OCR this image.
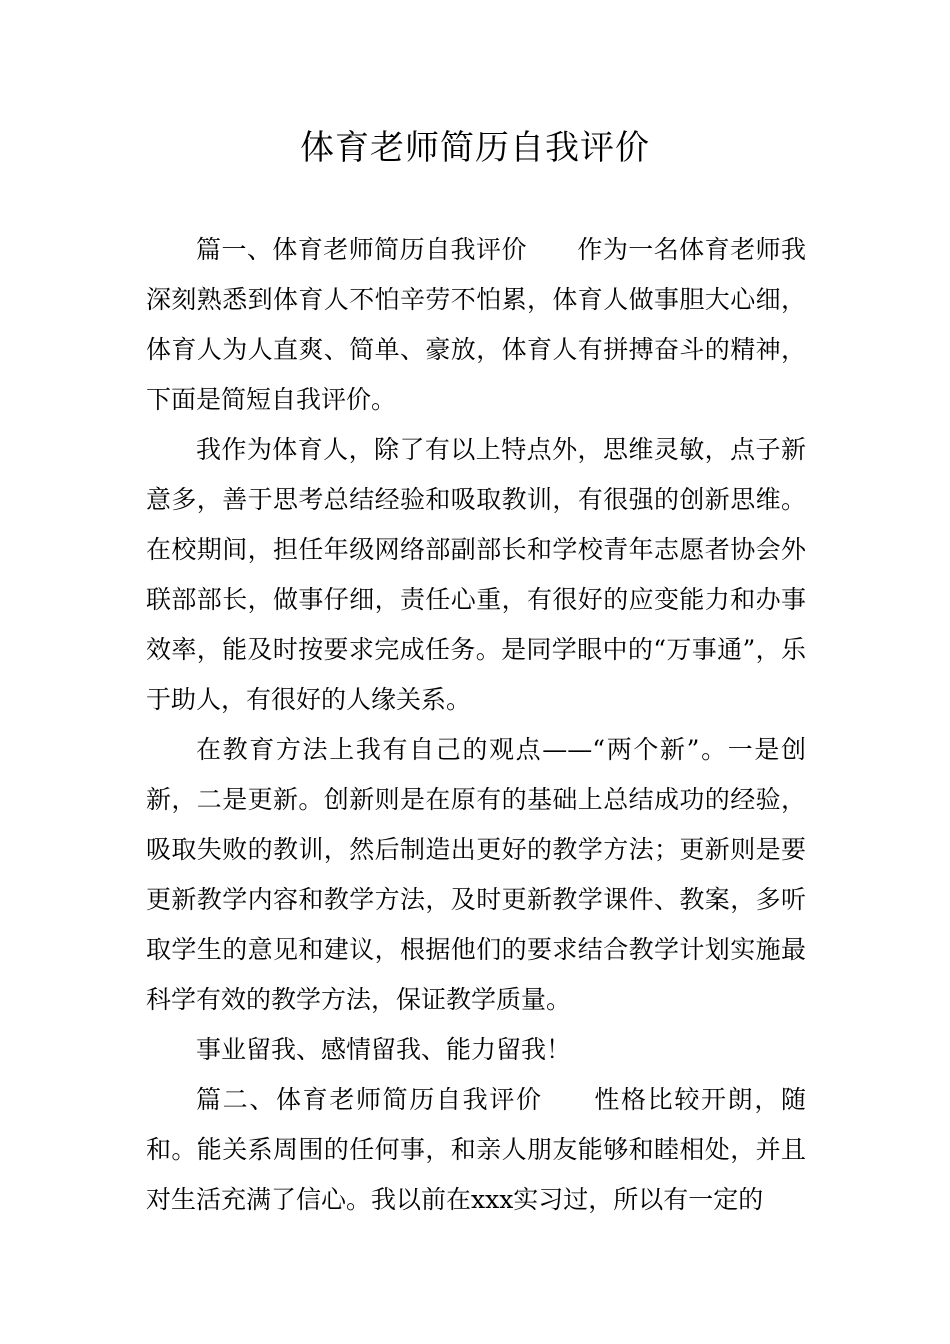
体育老师简历自我评价

篇一、体育老师简历自我评价 作为一名体育老师我深刻熟悉到体育人不怕辛劳不怕累，体育人做事胆大心细，体育人为人直爽、简单、豪放，体育人有拼搏奋斗的精神，下面是简短自我评价。

我作为体育人，除了有以上特点外，思维灵敏，点子新意多，善于思考总结经验和吸取教训，有很强的创新思维。在校期间，担任年级网络部副部长和学校青年志愿者协会外联部部长，做事仔细，责任心重，有很好的应变能力和办事效率，能及时按要求完成任务。是同学眼中的“万事通”，乐于助人，有很好的人缘关系。

在教育方法上我有自己的观点——“两个新”。一是创新，二是更新。创新则是在原有的基础上总结成功的经验，吸取失败的教训，然后制造出更好的教学方法；更新则是要更新教学内容和教学方法，及时更新教学课件、教案，多听取学生的意见和建议，根据他们的要求结合教学计划实施最科学有效的教学方法，保证教学质量。

事业留我、感情留我、能力留我！

篇二、体育老师简历自我评价 性格比较开朗，随和。能关系周围的任何事，和亲人朋友能够和睦相处，并且对生活充满了信心。我以前在xxx实习过，所以有一定的
